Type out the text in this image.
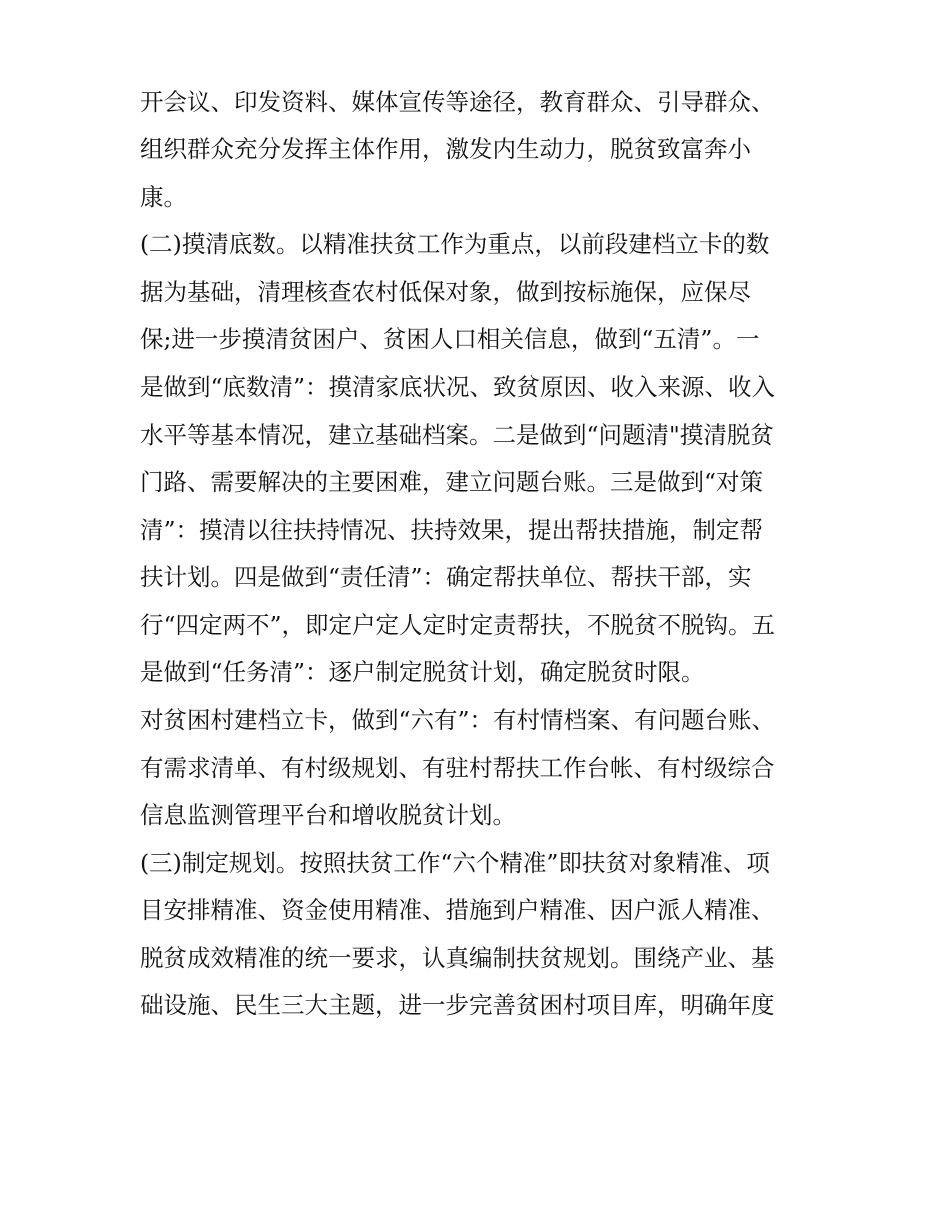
开会议、印发资料、媒体宣传等途径，教育群众、引导群众、
组织群众充分发挥主体作用，激发内生动力，脱贫致富奔小
康。
(二)摸清底数。以精准扶贫工作为重点，以前段建档立卡的数
据为基础，清理核查农村低保对象，做到按标施保，应保尽
保;进一步摸清贫困户、贫困人口相关信息，做到“五清”。一
是做到“底数清”：摸清家底状况、致贫原因、收入来源、收入
水平等基本情况，建立基础档案。二是做到“问题清"摸清脱贫
门路、需要解决的主要困难，建立问题台账。三是做到“对策
清”：摸清以往扶持情况、扶持效果，提出帮扶措施，制定帮
扶计划。四是做到“责任清”：确定帮扶单位、帮扶干部，实
行“四定两不”，即定户定人定时定责帮扶，不脱贫不脱钩。五
是做到“任务清”：逐户制定脱贫计划，确定脱贫时限。
对贫困村建档立卡，做到“六有”：有村情档案、有问题台账、
有需求清单、有村级规划、有驻村帮扶工作台帐、有村级综合
信息监测管理平台和增收脱贫计划。
(三)制定规划。按照扶贫工作“六个精准”即扶贫对象精准、项
目安排精准、资金使用精准、措施到户精准、因户派人精准、
脱贫成效精准的统一要求，认真编制扶贫规划。围绕产业、基
础设施、民生三大主题，进一步完善贫困村项目库，明确年度
